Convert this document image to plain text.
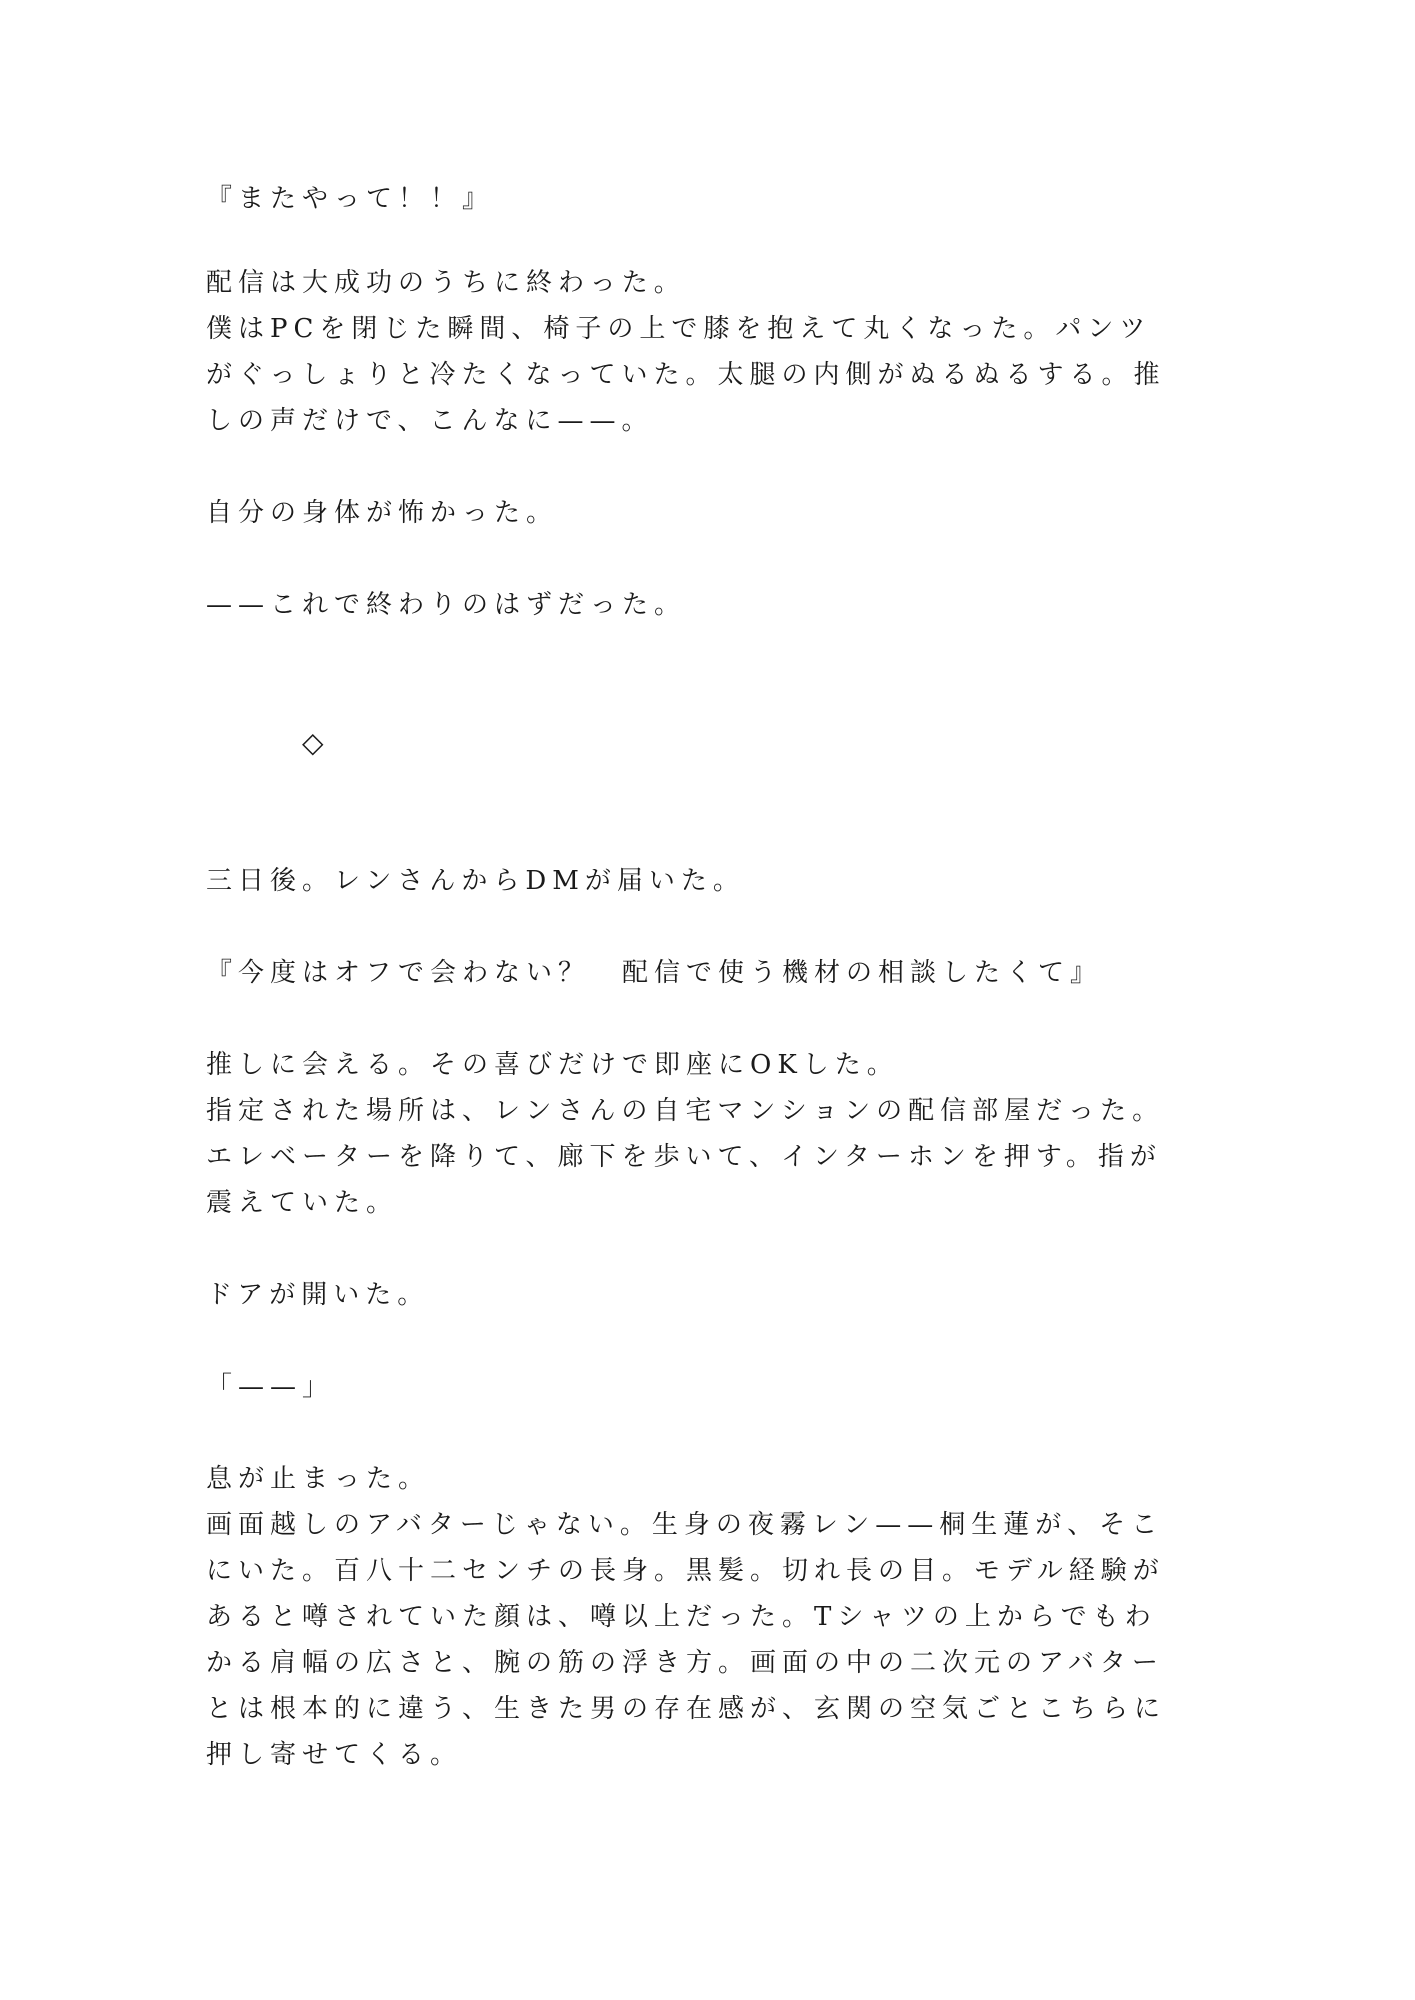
『またやって！！』
配信は大成功のうちに終わった。
僕はPCを閉じた瞬間、椅子の上で膝を抱えて丸くなった。パンツ
がぐっしょりと冷たくなっていた。太腿の内側がぬるぬるする。推
しの声だけで、こんなに——。
自分の身体が怖かった。
——これで終わりのはずだった。
◇
三日後。レンさんからDMが届いた。
『今度はオフで会わない？　配信で使う機材の相談したくて』
推しに会える。その喜びだけで即座にOKした。
指定された場所は、レンさんの自宅マンションの配信部屋だった。
エレベーターを降りて、廊下を歩いて、インターホンを押す。指が
震えていた。
ドアが開いた。
「——」
息が止まった。
画面越しのアバターじゃない。生身の夜霧レン——桐生蓮が、そこ
にいた。百八十二センチの長身。黒髪。切れ長の目。モデル経験が
あると噂されていた顔は、噂以上だった。Tシャツの上からでもわ
かる肩幅の広さと、腕の筋の浮き方。画面の中の二次元のアバター
とは根本的に違う、生きた男の存在感が、玄関の空気ごとこちらに
押し寄せてくる。
